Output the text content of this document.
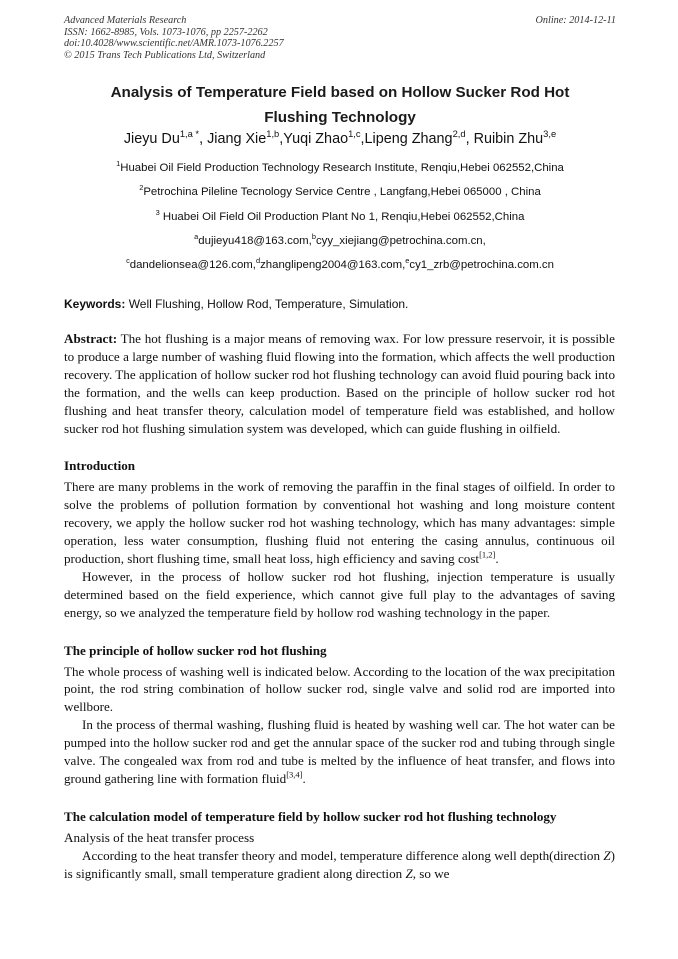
Advanced Materials Research
ISSN: 1662-8985, Vols. 1073-1076, pp 2257-2262
doi:10.4028/www.scientific.net/AMR.1073-1076.2257
© 2015 Trans Tech Publications Ltd, Switzerland
Online: 2014-12-11
Analysis of Temperature Field based on Hollow Sucker Rod Hot
Flushing Technology
Jieyu $Du^{1,a *}$, Jiang Xie$^{1,b}$,Yuqi Zhao$^{1,c}$,Lipeng Zhang$^{2,d}$, Ruibin Zhu$^{3,e}$
$^1$Huabei Oil Field Production Technology Research Institute, Renqiu,Hebei 062552,China
$^2$Petrochina Pileline Tecnology Service Centre , Langfang,Hebei 065000 , China
$^3$ Huabei Oil Field Oil Production Plant No 1, Renqiu,Hebei 062552,China
$^a$dujieyu418@163.com,$^b$cyy_xiejiang@petrochina.com.cn,
$^c$dandelionsea@126.com,$^d$zhanglipeng2004@163.com,$^e$cy1_zrb@petrochina.com.cn
Keywords: Well Flushing, Hollow Rod, Temperature, Simulation.

Abstract: The hot flushing is a major means of removing wax. For low pressure reservoir, it is possible to produce a large number of washing fluid flowing into the formation, which affects the well production recovery. The application of hollow sucker rod hot flushing technology can avoid fluid pouring back into the formation, and the wells can keep production. Based on the principle of hollow sucker rod hot flushing and heat transfer theory, calculation model of temperature field was established, and hollow sucker rod hot flushing simulation system was developed, which can guide flushing in oilfield.

Introduction

There are many problems in the work of removing the paraffin in the final stages of oilfield. In order to solve the problems of pollution formation by conventional hot washing and long moisture content recovery, we apply the hollow sucker rod hot washing technology, which has many advantages: simple operation, less water consumption, flushing fluid not entering the casing annulus, continuous oil production, short flushing time, small heat loss, high efficiency and saving cost[1,2].

However, in the process of hollow sucker rod hot flushing, injection temperature is usually determined based on the field experience, which cannot give full play to the advantages of saving energy, so we analyzed the temperature field by hollow rod washing technology in the paper.

The principle of hollow sucker rod hot flushing

The whole process of washing well is indicated below. According to the location of the wax precipitation point, the rod string combination of hollow sucker rod, single valve and solid rod are imported into wellbore.

In the process of thermal washing, flushing fluid is heated by washing well car. The hot water can be pumped into the hollow sucker rod and get the annular space of the sucker rod and tubing through single valve. The congealed wax from rod and tube is melted by the influence of heat transfer, and flows into ground gathering line with formation fluid[3,4].

The calculation model of temperature field by hollow sucker rod hot flushing technology

Analysis of the heat transfer process

According to the heat transfer theory and model, temperature difference along well depth(direction Z) is significantly small, small temperature gradient along direction Z, so we
